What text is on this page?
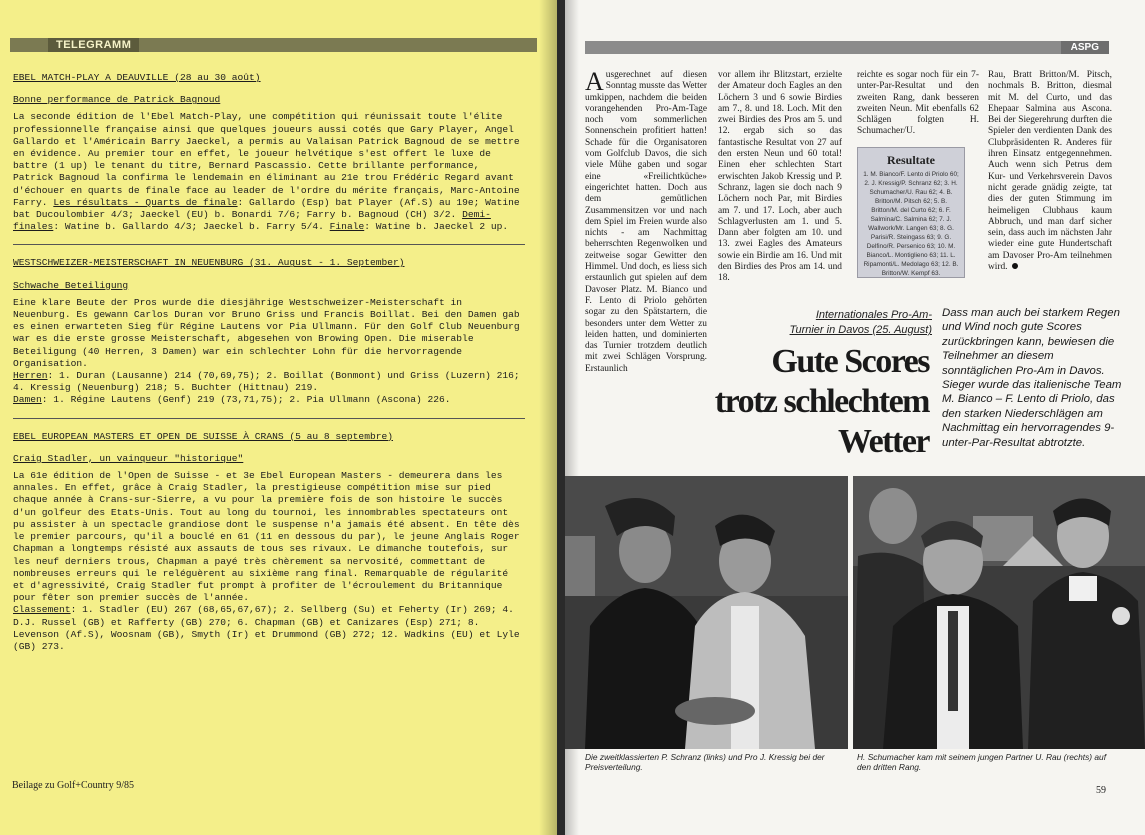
TELEGRAMM
EBEL MATCH-PLAY A DEAUVILLE (28 au 30 août)
Bonne performance de Patrick Bagnoud

La seconde édition de l'Ebel Match-Play, une compétition qui réunissait toute l'élite professionnelle française ainsi que quelques joueurs aussi cotés que Gary Player, Angel Gallardo et l'Américain Barry Jaeckel, a permis au Valaisan Patrick Bagnoud de se mettre en évidence. Au premier tour en effet, le joueur helvétique s'est offert le luxe de battre (1 up) le tenant du titre, Bernard Pascassio. Cette brillante performance, Patrick Bagnoud la confirma le lendemain en éliminant au 21e trou Frédéric Regard avant d'échouer en quarts de finale face au leader de l'ordre du mérite français, Marc-Antoine Farry. Les résultats - Quarts de finale: Gallardo (Esp) bat Player (Af.S) au 19e; Watine bat Ducoulombier 4/3; Jaeckel (EU) b. Bonardi 7/6; Farry b. Bagnoud (CH) 3/2. Demi-finales: Watine b. Gallardo 4/3; Jaeckel b. Farry 5/4. Finale: Watine b. Jaeckel 2 up.

WESTSCHWEIZER-MEISTERSCHAFT IN NEUENBURG (31. August - 1. September)
Schwache Beteiligung

Eine klare Beute der Pros wurde die diesjährige Westschweizer-Meisterschaft in Neuenburg. Es gewann Carlos Duran vor Bruno Griss und Francis Boillat. Bei den Damen gab es einen erwarteten Sieg für Régine Lautens vor Pia Ullmann. Für den Golf Club Neuenburg war es die erste grosse Meisterschaft, abgesehen von Browing Open. Die miserable Beteiligung (40 Herren, 3 Damen) war ein schlechter Lohn für die hervorragende Organisation.
Herren: 1. Duran (Lausanne) 214 (70,69,75); 2. Boillat (Bonmont) und Griss (Luzern) 216; 4. Kressig (Neuenburg) 218; 5. Buchter (Hittnau) 219.
Damen: 1. Régine Lautens (Genf) 219 (73,71,75); 2. Pia Ullmann (Ascona) 226.

EBEL EUROPEAN MASTERS ET OPEN DE SUISSE À CRANS (5 au 8 septembre)
Craig Stadler, un vainqueur "historique"

La 61e édition de l'Open de Suisse - et 3e Ebel European Masters - demeurera dans les annales. En effet, grâce à Craig Stadler, la prestigieuse compétition mise sur pied chaque année à Crans-sur-Sierre, a vu pour la première fois de son histoire le succès d'un golfeur des Etats-Unis. Tout au long du tournoi, les innombrables spectateurs ont pu assister à un spectacle grandiose dont le suspense n'a jamais été absent. En tête dès le premier parcours, qu'il a bouclé en 61 (11 en dessous du par), le jeune Anglais Roger Chapman a longtemps résisté aux assauts de tous ses rivaux. Le dimanche toutefois, sur les neuf derniers trous, Chapman a payé très chèrement sa nervosité, commettant de nombreuses erreurs qui le reléguèrent au sixième rang final. Remarquable de régularité et d'agressivité, Craig Stadler fut prompt à profiter de l'écroulement du Britannique pour fêter son premier succès de l'année.
Classement: 1. Stadler (EU) 267 (68,65,67,67); 2. Sellberg (Su) et Feherty (Ir) 269; 4. D.J. Russel (GB) et Rafferty (GB) 270; 6. Chapman (GB) et Canizares (Esp) 271; 8. Levenson (Af.S), Woosnam (GB), Smyth (Ir) et Drummond (GB) 272; 12. Wadkins (EU) et Lyle (GB) 273.

Beilage zu Golf+Country 9/85
ASPG
Ausgerechnet auf diesen Sonntag musste das Wetter umkippen, nachdem die beiden vorangehenden Pro-Am-Tage noch vom sommerlichen Sonnenschein profitiert hatten! Schade für die Organisatoren vom Golfclub Davos, die sich viele Mühe gaben und sogar eine «Freilichtküche» eingerichtet hatten. Doch aus dem gemütlichen Zusammensitzen vor und nach dem Spiel im Freien wurde also nichts - am Nachmittag beherrschten Regenwolken und zeitweise sogar Gewitter den Himmel. Und doch, es liess sich erstaunlich gut spielen auf dem Davoser Platz. M. Bianco und F. Lento di Priolo gehörten sogar zu den Spätstartern, die besonders unter dem Wetter zu leiden hatten, und dominierten das Turnier trotzdem deutlich mit zwei Schlägen Vorsprung. Erstaunlich
vor allem ihr Blitzstart, erzielte der Amateur doch Eagles an den Löchern 3 und 6 sowie Birdies am 7., 8. und 18. Loch. Mit den zwei Birdies des Pros am 5. und 12. ergab sich so das fantastische Resultat von 27 auf den ersten Neun und 60 total! Einen eher schlechten Start erwischten Jakob Kressig und P. Schranz, lagen sie doch nach 9 Löchern noch Par, mit Birdies am 7. und 17. Loch, aber auch Schlagverlusten am 1. und 5. Dann aber folgten am 10. und 13. zwei Eagles des Amateurs sowie ein Birdie am 16. Und mit den Birdies des Pros am 14. und 18.
reichte es sogar noch für ein 7-unter-Par-Resultat und den zweiten Rang, dank besseren zweiten Neun. Mit ebenfalls 62 Schlägen folgten H. Schumacher/U.
Resultate
1. M. Bianco/F. Lento di Priolo 60; 2. J. Kressig/P. Schranz 62; 3. H. Schumacher/U. Rau 62; 4. B. Britton/M. Pitsch 62; 5. B. Britton/M. del Curto 62; 6. F. Salmina/C. Salmina 62; 7. J. Wallwork/Mr. Langen 63; 8. G. Parisi/R. Steingass 63; 9. G. Delfino/R. Persenico 63; 10. M. Bianco/L. Montiglieno 63; 11. L. Ripamonti/L. Medolago 63; 12. B. Britton/W. Kempf 63.
Rau, Bratt Britton/M. Pitsch, nochmals B. Britton, diesmal mit M. del Curto, und das Ehepaar Salmina aus Ascona. Bei der Siegerehrung durften die Spieler den verdienten Dank des Clubpräsidenten R. Anderes für ihren Einsatz entgegennehmen. Auch wenn sich Petrus dem Kur- und Verkehrsverein Davos nicht gerade gnädig zeigte, tat dies der guten Stimmung im heimeligen Clubhaus kaum Abbruch, und man darf sicher sein, dass auch im nächsten Jahr wieder eine gute Hundertschaft am Davoser Pro-Am teilnehmen wird.
Internationales Pro-Am-
Turnier in Davos (25. August)
Gute Scores
trotz schlechtem
Wetter
Dass man auch bei starkem Regen und Wind noch gute Scores zurückbringen kann, bewiesen die Teilnehmer an diesem sonntäglichen Pro-Am in Davos. Sieger wurde das italienische Team M. Bianco – F. Lento di Priolo, das den starken Niederschlägen am Nachmittag ein hervorragendes 9-unter-Par-Resultat abtrotzte.
Die zweitklassierten P. Schranz (links) und Pro J. Kressig bei der Preisverteilung.
H. Schumacher kam mit seinem jungen Partner U. Rau (rechts) auf den dritten Rang.
59
